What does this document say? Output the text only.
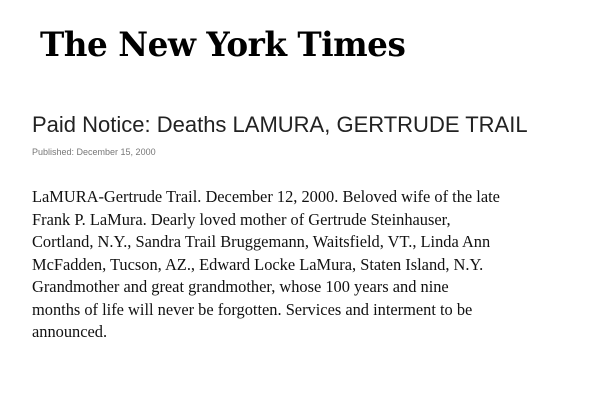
The New York Times
Paid Notice: Deaths LAMURA, GERTRUDE TRAIL
Published: December 15, 2000
LaMURA-Gertrude Trail. December 12, 2000. Beloved wife of the late
Frank P. LaMura. Dearly loved mother of Gertrude Steinhauser,
Cortland, N.Y., Sandra Trail Bruggemann, Waitsfield, VT., Linda Ann
McFadden, Tucson, AZ., Edward Locke LaMura, Staten Island, N.Y.
Grandmother and great grandmother, whose 100 years and nine
months of life will never be forgotten. Services and interment to be
announced.
